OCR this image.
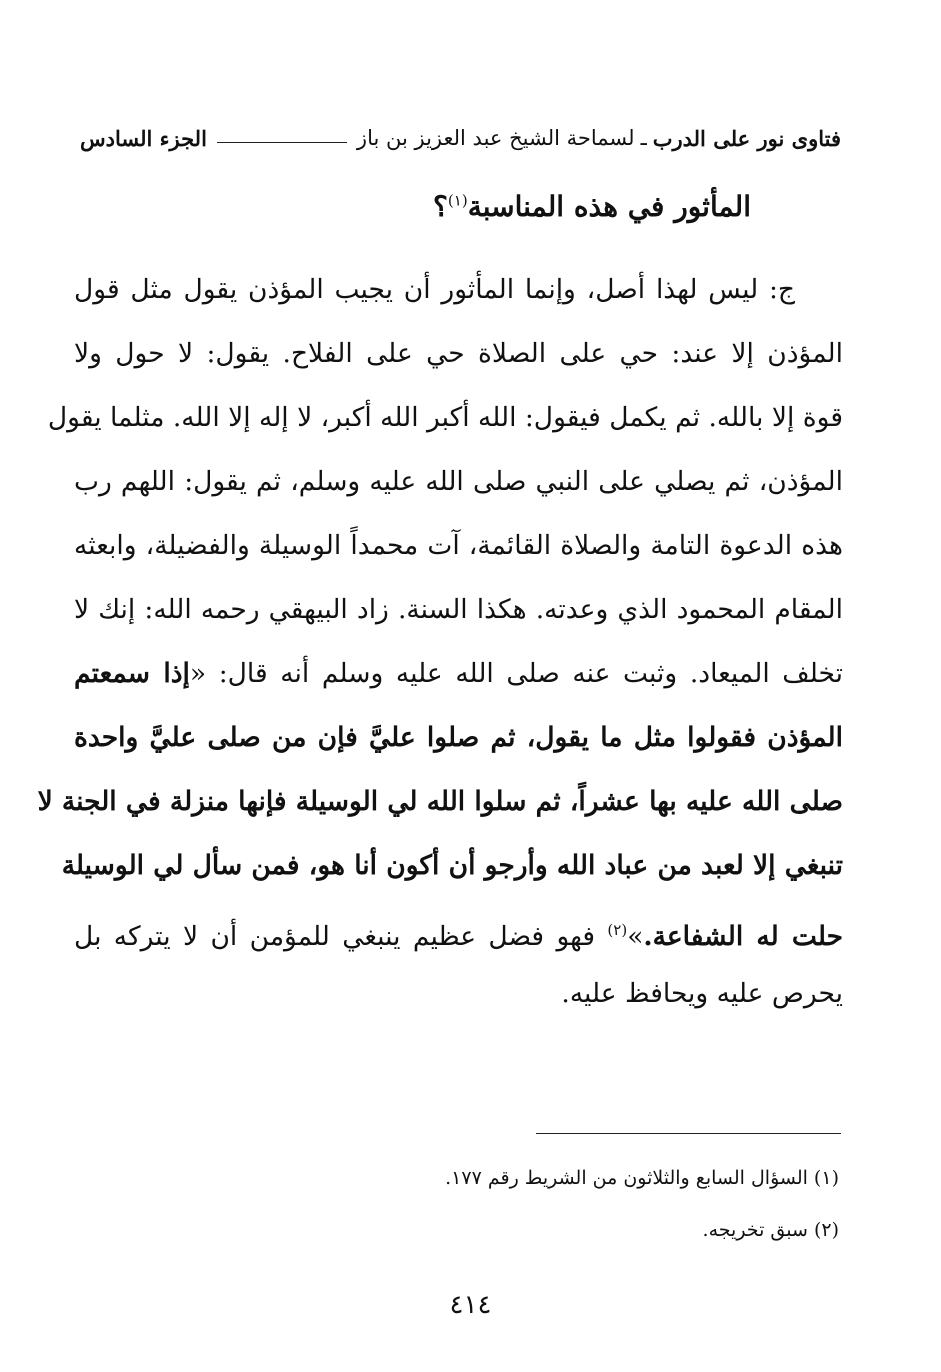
فتاوى نور على الدرب
ـ
لسماحة الشيخ عبد العزيز بن باز
الجزء السادس
المأثور في هذه المناسبة$^{(١)}$؟
ج: ليس لهذا أصل، وإنما المأثور أن يجيب المؤذن يقول مثل قول
المؤذن إلا عند: حي على الصلاة حي على الفلاح. يقول: لا حول ولا
قوة إلا بالله. ثم يكمل فيقول: الله أكبر الله أكبر، لا إله إلا الله. مثلما يقول
المؤذن، ثم يصلي على النبي صلى الله عليه وسلم، ثم يقول: اللهم رب
هذه الدعوة التامة والصلاة القائمة، آت محمداً الوسيلة والفضيلة، وابعثه
المقام المحمود الذي وعدته. هكذا السنة. زاد البيهقي رحمه الله: إنك لا
تخلف الميعاد. وثبت عنه صلى الله عليه وسلم أنه قال: «إذا سمعتم
المؤذن فقولوا مثل ما يقول، ثم صلوا عليَّ فإن من صلى عليَّ واحدة
صلى الله عليه بها عشراً، ثم سلوا الله لي الوسيلة فإنها منزلة في الجنة لا
تنبغي إلا لعبد من عباد الله وأرجو أن أكون أنا هو، فمن سأل لي الوسيلة
حلت له الشفاعة.»$^{(٢)}$ فهو فضل عظيم ينبغي للمؤمن أن لا يتركه بل
يحرص عليه ويحافظ عليه.
(١) السؤال السابع والثلاثون من الشريط رقم ١٧٧.
(٢) سبق تخريجه.
٤١٤
